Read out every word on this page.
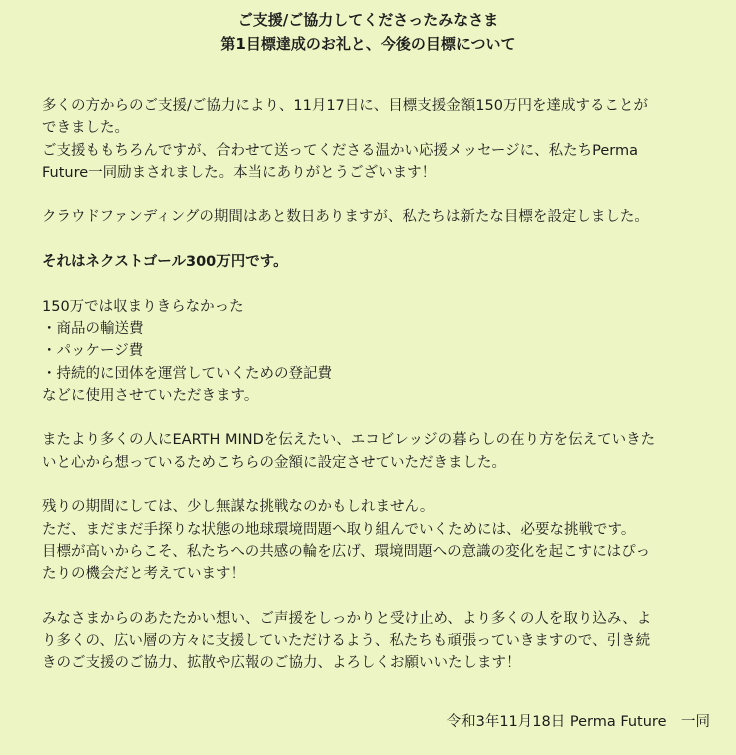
ご支援/ご協力してくださったみなさま
第1目標達成のお礼と、今後の目標について
多くの方からのご支援/ご協力により、11月17日に、目標支援金額150万円を達成することが
できました。
ご支援ももちろんですが、合わせて送ってくださる温かい応援メッセージに、私たちPerma
Future一同励まされました。本当にありがとうございます！
クラウドファンディングの期間はあと数日ありますが、私たちは新たな目標を設定しました。
それはネクストゴール300万円です。
150万では収まりきらなかった
・商品の輸送費
・パッケージ費
・持続的に団体を運営していくための登記費
などに使用させていただきます。
またより多くの人にEARTH MINDを伝えたい、エコビレッジの暮らしの在り方を伝えていきた
いと心から想っているためこちらの金額に設定させていただきました。
残りの期間にしては、少し無謀な挑戦なのかもしれません。
ただ、まだまだ手探りな状態の地球環境問題へ取り組んでいくためには、必要な挑戦です。
目標が高いからこそ、私たちへの共感の輪を広げ、環境問題への意識の変化を起こすにはぴっ
たりの機会だと考えています！
みなさまからのあたたかい想い、ご声援をしっかりと受け止め、より多くの人を取り込み、よ
り多くの、広い層の方々に支援していただけるよう、私たちも頑張っていきますので、引き続
きのご支援のご協力、拡散や広報のご協力、よろしくお願いいたします！
令和3年11月18日 Perma Future　一同
